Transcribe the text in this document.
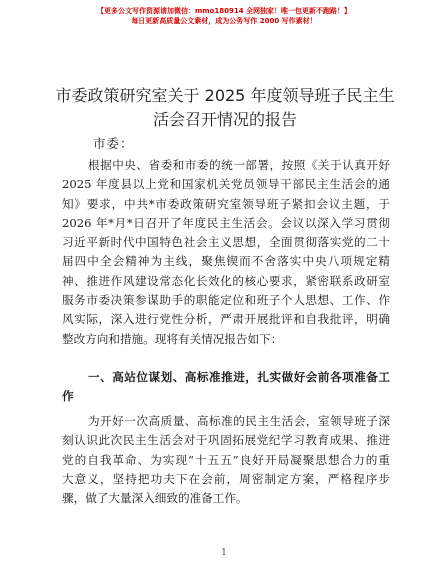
【更多公文写作资源请加微信：mmo180914 全网独家！唯一包更新不跑路！】
每日更新高质量公文素材，成为公务写作 2000 写作素材！
市委政策研究室关于 2025 年度领导班子民主生
活会召开情况的报告
市委：
根据中央、省委和市委的统一部署，按照《关于认真开好
2025 年度县以上党和国家机关党员领导干部民主生活会的通
知》要求，中共*市委政策研究室领导班子紧扣会议主题，于
2026 年*月*日召开了年度民主生活会。会议以深入学习贯彻
习近平新时代中国特色社会主义思想，全面贯彻落实党的二十
届四中全会精神为主线，聚焦锲而不舍落实中央八项规定精
神、推进作风建设常态化长效化的核心要求，紧密联系政研室
服务市委决策参谋助手的职能定位和班子个人思想、工作、作
风实际，深入进行党性分析，严肃开展批评和自我批评，明确
整改方向和措施。现将有关情况报告如下：
一、高站位谋划、高标准推进，扎实做好会前各项准备工
作
为开好一次高质量、高标准的民主生活会，室领导班子深
刻认识此次民主生活会对于巩固拓展党纪学习教育成果、推进
党的自我革命、为实现“十五五”良好开局凝聚思想合力的重
大意义，坚持把功夫下在会前，周密制定方案，严格程序步
骤，做了大量深入细致的准备工作。
1
